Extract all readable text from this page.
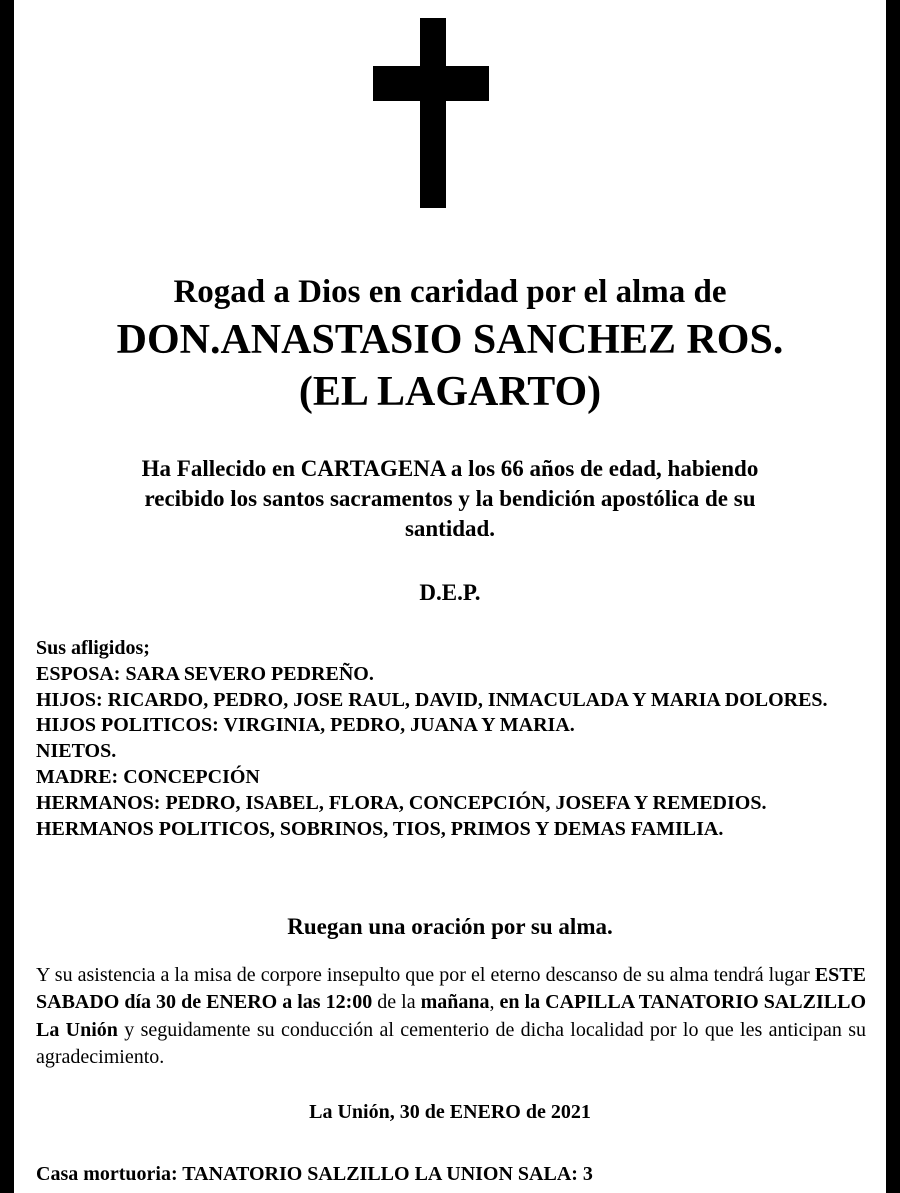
Rogad a Dios en caridad por el alma de
DON.ANASTASIO SANCHEZ ROS.
(EL LAGARTO)
Ha Fallecido en CARTAGENA a los 66 años de edad, habiendo
recibido los santos sacramentos y la bendición apostólica de su
santidad.
D.E.P.
Sus afligidos;
ESPOSA: SARA SEVERO PEDREÑO.
HIJOS: RICARDO, PEDRO, JOSE RAUL, DAVID, INMACULADA Y MARIA DOLORES.
HIJOS POLITICOS: VIRGINIA, PEDRO, JUANA Y MARIA.
NIETOS.
MADRE: CONCEPCIÓN
HERMANOS: PEDRO, ISABEL, FLORA, CONCEPCIÓN, JOSEFA Y REMEDIOS.
HERMANOS POLITICOS, SOBRINOS, TIOS, PRIMOS Y DEMAS FAMILIA.
Ruegan una oración por su alma.
Y su asistencia a la misa de corpore insepulto que por el eterno descanso de su alma tendrá lugar ESTE SABADO día 30 de ENERO a las 12:00 de la mañana, en la CAPILLA TANATORIO SALZILLO La Unión y seguidamente su conducción al cementerio de dicha localidad por lo que les anticipan su agradecimiento.
La Unión, 30 de ENERO de 2021
Casa mortuoria: TANATORIO SALZILLO LA UNION SALA: 3
